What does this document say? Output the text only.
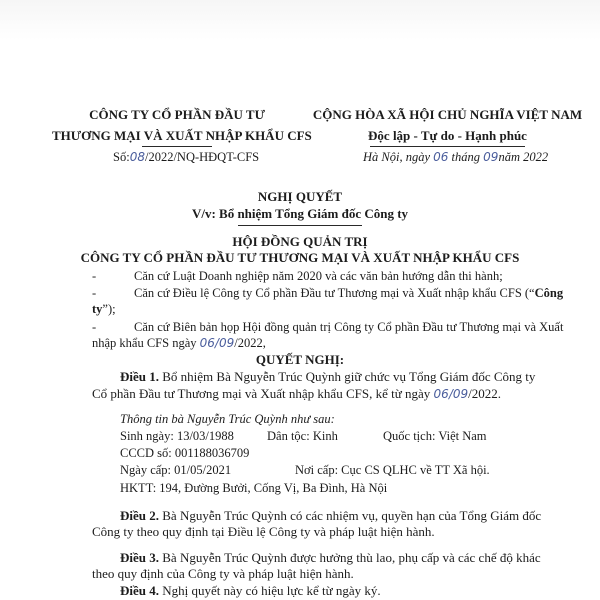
CÔNG TY CỔ PHẦN ĐẦU TƯ
THƯƠNG MẠI VÀ XUẤT NHẬP KHẨU CFS
Số:08/2022/NQ-HĐQT-CFS
CỘNG HÒA XÃ HỘI CHỦ NGHĨA VIỆT NAM
Độc lập - Tự do - Hạnh phúc
Hà Nội, ngày 06 tháng 09năm 2022
NGHỊ QUYẾT
V/v: Bổ nhiệm Tổng Giám đốc Công ty
HỘI ĐỒNG QUẢN TRỊ
CÔNG TY CỔ PHẦN ĐẦU TƯ THƯƠNG MẠI VÀ XUẤT NHẬP KHẨU CFS
-	Căn cứ Luật Doanh nghiệp năm 2020 và các văn bản hướng dẫn thi hành;
-	Căn cứ Điều lệ Công ty Cổ phần Đầu tư Thương mại và Xuất nhập khẩu CFS (“Công
ty”);
-	Căn cứ Biên bản họp Hội đồng quản trị Công ty Cổ phần Đầu tư Thương mại và Xuất
nhập khẩu CFS ngày 06/09/2022,
QUYẾT NGHỊ:
Điều 1. Bổ nhiệm Bà Nguyễn Trúc Quỳnh giữ chức vụ Tổng Giám đốc Công ty
Cổ phần Đầu tư Thương mại và Xuất nhập khẩu CFS, kể từ ngày 06/09/2022.
Thông tin bà Nguyễn Trúc Quỳnh như sau:
Sinh ngày: 13/03/1988	Dân tộc: Kinh	Quốc tịch: Việt Nam
CCCD số: 001188036709
Ngày cấp: 01/05/2021	Nơi cấp: Cục CS QLHC về TT Xã hội.
HKTT: 194, Đường Bưởi, Cống Vị, Ba Đình, Hà Nội
Điều 2. Bà Nguyễn Trúc Quỳnh có các nhiệm vụ, quyền hạn của Tổng Giám đốc
Công ty theo quy định tại Điều lệ Công ty và pháp luật hiện hành.
Điều 3. Bà Nguyễn Trúc Quỳnh được hưởng thù lao, phụ cấp và các chế độ khác
theo quy định của Công ty và pháp luật hiện hành.
Điều 4. Nghị quyết này có hiệu lực kể từ ngày ký.
